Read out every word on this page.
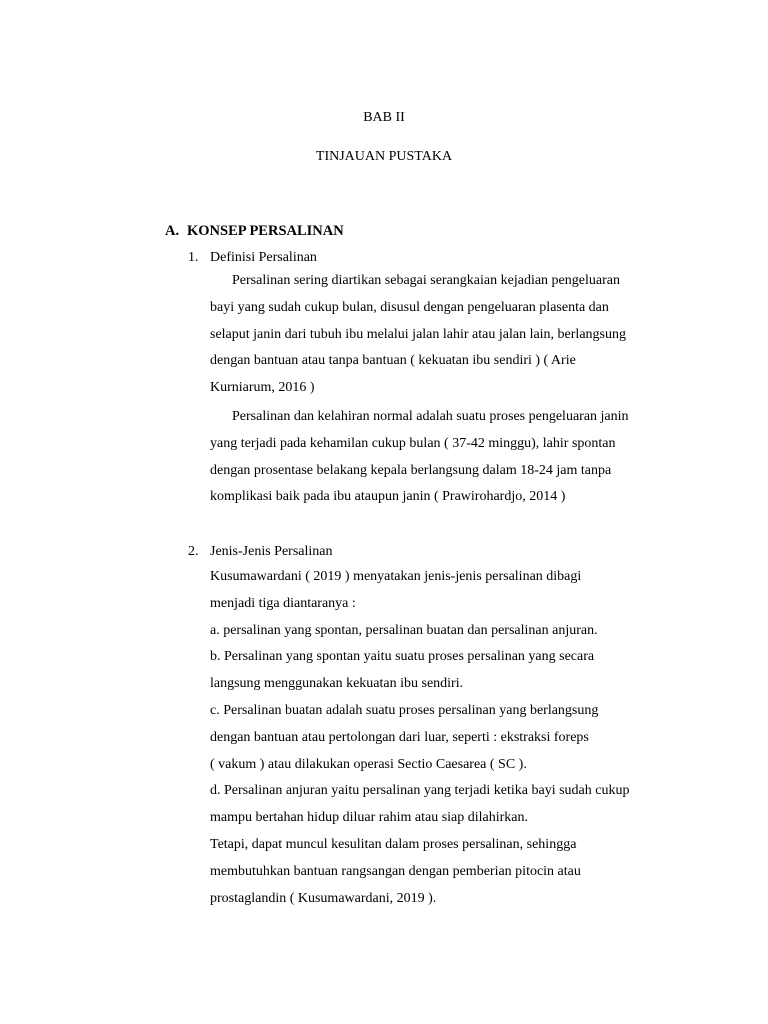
BAB II
TINJAUAN PUSTAKA
A. KONSEP PERSALINAN
1. Definisi Persalinan
Persalinan sering diartikan sebagai serangkaian kejadian pengeluaran
bayi yang sudah cukup bulan, disusul dengan pengeluaran plasenta dan
selaput janin dari tubuh ibu melalui jalan lahir atau jalan lain, berlangsung
dengan bantuan atau tanpa bantuan ( kekuatan ibu sendiri ) ( Arie
Kurniarum, 2016 )
Persalinan dan kelahiran normal adalah suatu proses pengeluaran janin
yang terjadi pada kehamilan cukup bulan ( 37-42 minggu), lahir spontan
dengan prosentase belakang kepala berlangsung dalam 18-24 jam tanpa
komplikasi baik pada ibu ataupun janin ( Prawirohardjo, 2014 )
2. Jenis-Jenis Persalinan
Kusumawardani ( 2019 ) menyatakan jenis-jenis persalinan dibagi
menjadi tiga diantaranya :
a. persalinan yang spontan, persalinan buatan dan persalinan anjuran.
b. Persalinan yang spontan yaitu suatu proses persalinan yang secara
langsung menggunakan kekuatan ibu sendiri.
c. Persalinan buatan adalah suatu proses persalinan yang berlangsung
dengan bantuan atau pertolongan dari luar, seperti : ekstraksi foreps
( vakum ) atau dilakukan operasi Sectio Caesarea ( SC ).
d. Persalinan anjuran yaitu persalinan yang terjadi ketika bayi sudah cukup
mampu bertahan hidup diluar rahim atau siap dilahirkan.
Tetapi, dapat muncul kesulitan dalam proses persalinan, sehingga
membutuhkan bantuan rangsangan dengan pemberian pitocin atau
prostaglandin ( Kusumawardani, 2019 ).
